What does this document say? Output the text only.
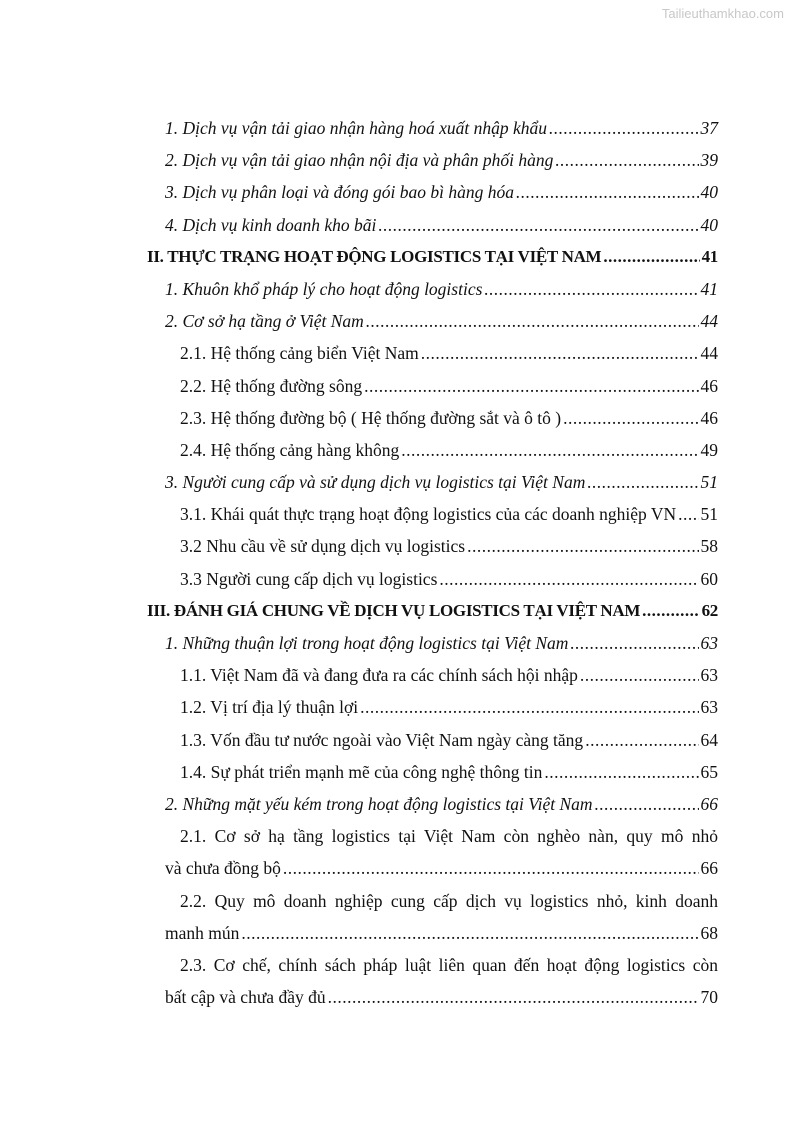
Tailieuthamkhao.com
1. Dịch vụ vận tải giao nhận hàng hoá xuất nhập khẩu .....	37
2. Dịch vụ vận tải giao nhận nội địa và phân phối hàng .....	39
3. Dịch vụ phân loại và đóng gói bao bì hàng hóa .....	40
4. Dịch vụ kinh doanh kho bãi .....	40
II. THỰC TRẠNG HOẠT ĐỘNG LOGISTICS TẠI VIỆT NAM .....	41
1. Khuôn khổ pháp lý cho hoạt động logistics .....	41
2. Cơ sở hạ tầng ở Việt Nam .....	44
2.1. Hệ thống cảng biển Việt Nam .....	44
2.2. Hệ thống đường sông .....	46
2.3. Hệ thống đường bộ ( Hệ thống đường sắt và ô tô ) .....	46
2.4. Hệ thống cảng hàng không .....	49
3. Người cung cấp và sử dụng dịch vụ logistics tại Việt Nam .....	51
3.1. Khái quát thực trạng hoạt động logistics của các doanh nghiệp VN ..... 51
3.2 Nhu cầu về sử dụng dịch vụ logistics .....	58
3.3 Người cung cấp dịch vụ logistics .....	60
III. ĐÁNH GIÁ CHUNG VỀ DỊCH VỤ LOGISTICS TẠI VIỆT NAM .....	62
1. Những thuận lợi trong hoạt động logistics tại Việt Nam .....	63
1.1. Việt Nam đã và đang đưa ra các chính sách hội nhập .....	63
1.2. Vị trí địa lý thuận lợi .....	63
1.3. Vốn đầu tư nước ngoài vào Việt Nam ngày càng tăng .....	64
1.4. Sự phát triển mạnh mẽ của công nghệ thông tin .....	65
2. Những mặt yếu kém trong hoạt động logistics tại Việt Nam .....	66
2.1. Cơ sở hạ tầng logistics tại Việt Nam còn nghèo nàn, quy mô nhỏ
và chưa đồng bộ .....	66
2.2. Quy mô doanh nghiệp cung cấp dịch vụ logistics nhỏ, kinh doanh
manh mún .....	68
2.3. Cơ chế, chính sách pháp luật liên quan đến hoạt động logistics còn
bất cập và chưa đầy đủ .....	70
